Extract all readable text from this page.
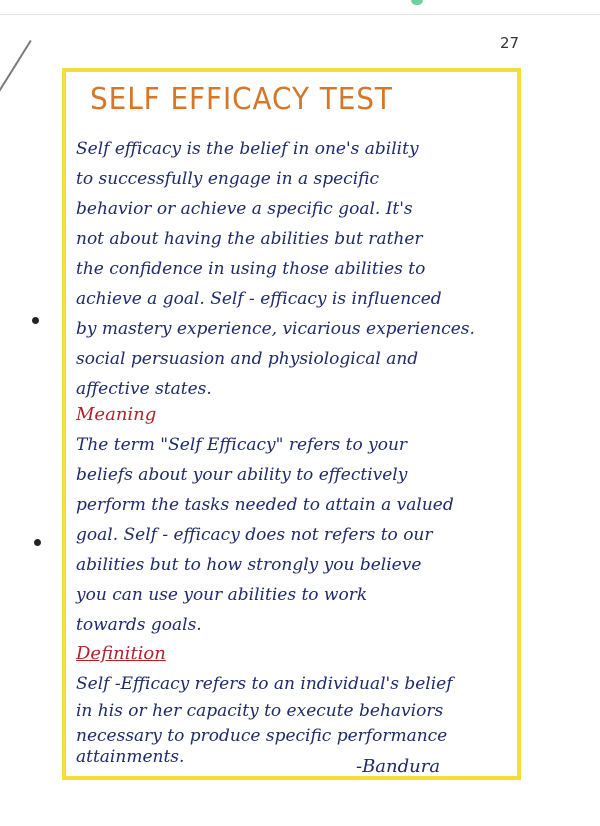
27
SELF EFFICACY TEST
Self efficacy is the belief in one's ability
to successfully engage in a specific
behavior or achieve a specific goal. It's
not about having the abilities but rather
the confidence in using those abilities to
achieve a goal. Self - efficacy is influenced
by mastery experience, vicarious experiences.
social persuasion and physiological and
affective states.
Meaning
The term "Self Efficacy" refers to your
beliefs about your ability to effectively
perform the tasks needed to attain a valued
goal. Self - efficacy does not refers to our
abilities but to how strongly you believe
you can use your abilities to work
towards goals.
Definition
Self -Efficacy refers to an individual's belief
in his or her capacity to execute behaviors
necessary to produce specific performance
attainments.	-Bandura
